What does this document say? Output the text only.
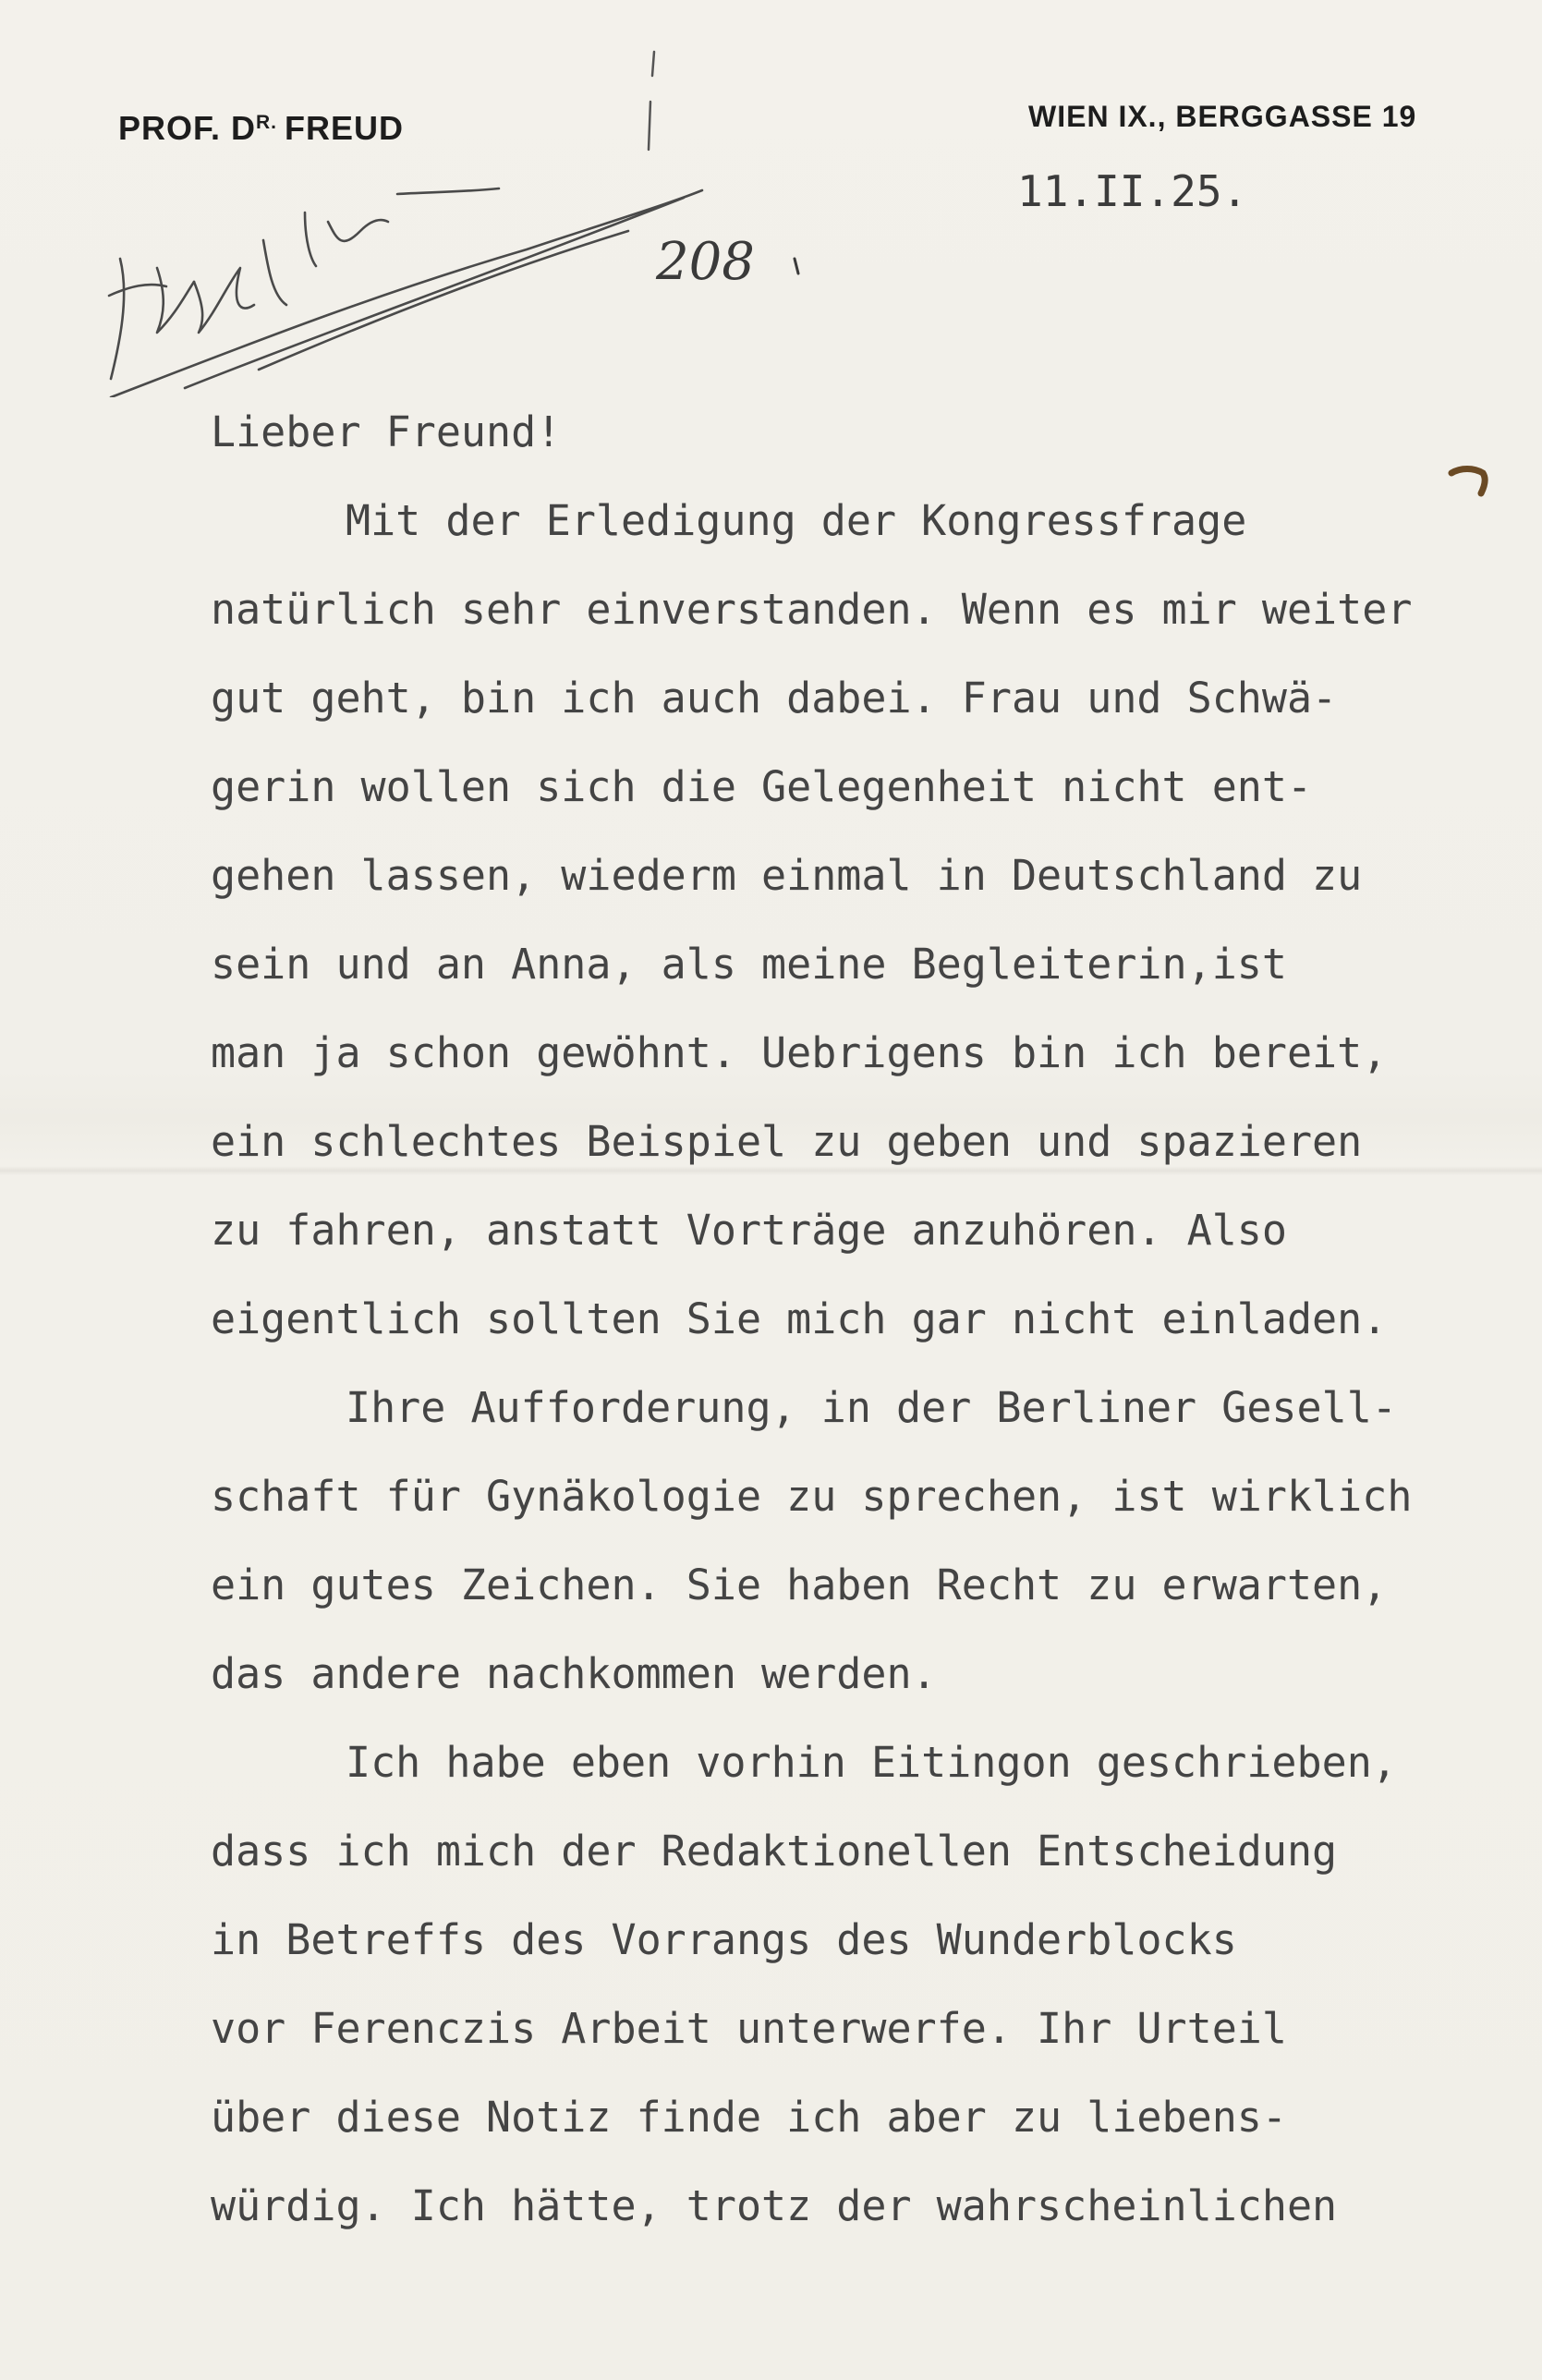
PROF. $D^{R.}$ FREUD	WIEN IX., BERGGASSE 19
11.II.25.
208
Lieber Freund!
Mit der Erledigung der Kongressfrage
natürlich sehr einverstanden. Wenn es mir weiter
gut geht, bin ich auch dabei. Frau und Schwä-
gerin wollen sich die Gelegenheit nicht ent-
gehen lassen, wiederm einmal in Deutschland zu
sein und an Anna, als meine Begleiterin,ist
man ja schon gewöhnt. Uebrigens bin ich bereit,
ein schlechtes Beispiel zu geben und spazieren
zu fahren, anstatt Vorträge anzuhören. Also
eigentlich sollten Sie mich gar nicht einladen.
Ihre Aufforderung, in der Berliner Gesell-
schaft für Gynäkologie zu sprechen, ist wirklich
ein gutes Zeichen. Sie haben Recht zu erwarten,
das andere nachkommen werden.
Ich habe eben vorhin Eitingon geschrieben,
dass ich mich der Redaktionellen Entscheidung
in Betreffs des Vorrangs des Wunderblocks
vor Ferenczis Arbeit unterwerfe. Ihr Urteil
über diese Notiz finde ich aber zu liebens-
würdig. Ich hätte, trotz der wahrscheinlichen
